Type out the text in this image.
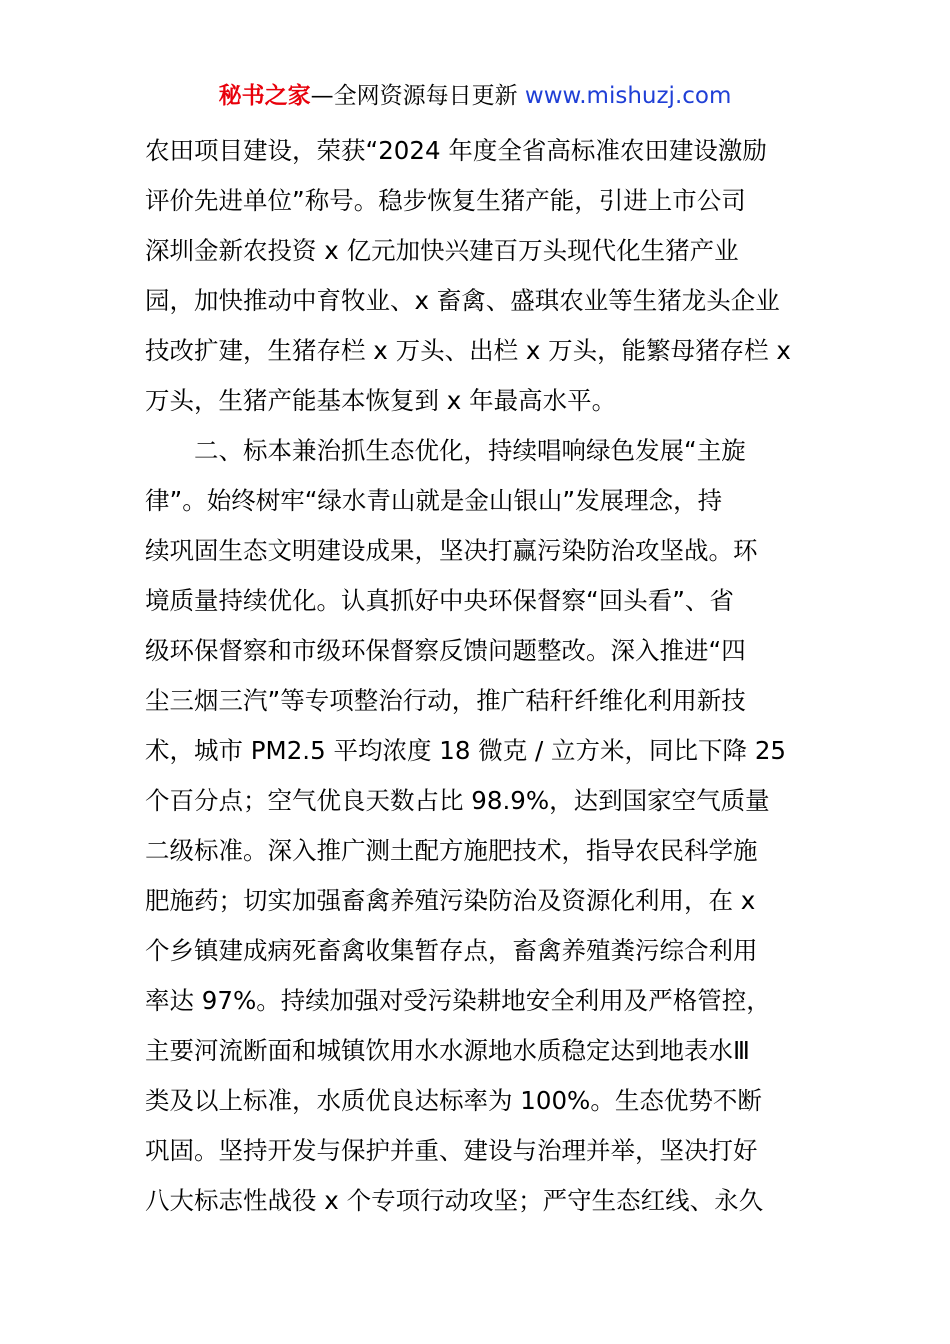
秘书之家—全网资源每日更新 www.mishuzj.com
农田项目建设，荣获“2024 年度全省高标准农田建设激励
评价先进单位”称号。稳步恢复生猪产能，引进上市公司
深圳金新农投资 x 亿元加快兴建百万头现代化生猪产业
园，加快推动中育牧业、x 畜禽、盛琪农业等生猪龙头企业
技改扩建，生猪存栏 x 万头、出栏 x 万头，能繁母猪存栏 x
万头，生猪产能基本恢复到 x 年最高水平。
　　二、标本兼治抓生态优化，持续唱响绿色发展“主旋
律”。始终树牢“绿水青山就是金山银山”发展理念，持
续巩固生态文明建设成果，坚决打赢污染防治攻坚战。环
境质量持续优化。认真抓好中央环保督察“回头看”、省
级环保督察和市级环保督察反馈问题整改。深入推进“四
尘三烟三汽”等专项整治行动，推广秸秆纤维化利用新技
术，城市 PM2.5 平均浓度 18 微克 / 立方米，同比下降 25
个百分点；空气优良天数占比 98.9%，达到国家空气质量
二级标准。深入推广测土配方施肥技术，指导农民科学施
肥施药；切实加强畜禽养殖污染防治及资源化利用，在 x
个乡镇建成病死畜禽收集暂存点，畜禽养殖粪污综合利用
率达 97%。持续加强对受污染耕地安全利用及严格管控，
主要河流断面和城镇饮用水水源地水质稳定达到地表水Ⅲ
类及以上标准，水质优良达标率为 100%。生态优势不断
巩固。坚持开发与保护并重、建设与治理并举，坚决打好
八大标志性战役 x 个专项行动攻坚；严守生态红线、永久
